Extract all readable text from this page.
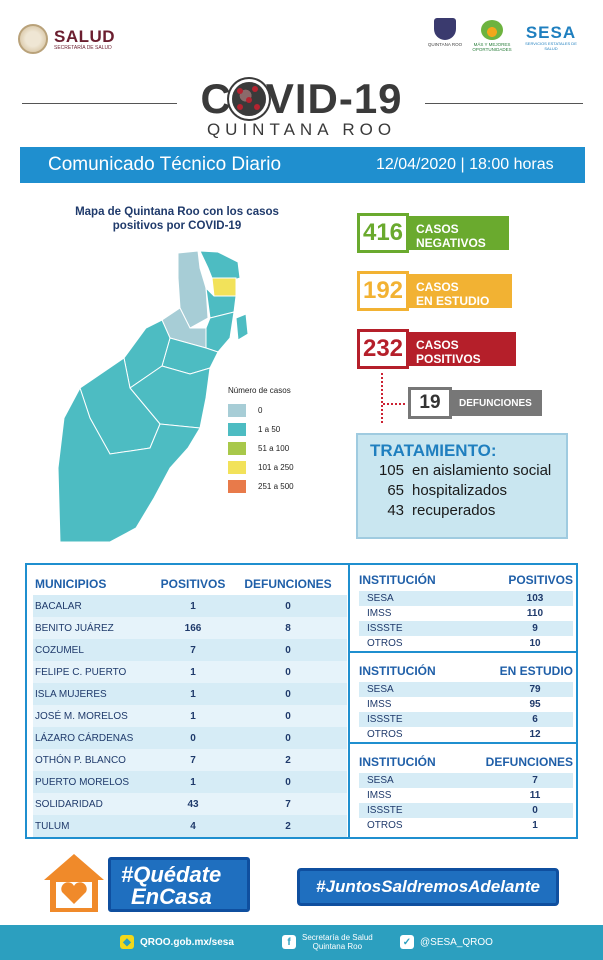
SALUD
SECRETARÍA DE SALUD	QUINTANA ROO	MÁS Y MEJORES OPORTUNIDADES
SESA
SERVICIOS ESTATALES DE SALUD
C VID-19
QUINTANA ROO
Comunicado Técnico Diario	12/04/2020 | 18:00 horas
Mapa de Quintana Roo con los casos positivos por COVID-19
Número de casos
0
1 a 50
51 a 100
101 a 250
251 a 500
416	CASOS
NEGATIVOS
192	CASOS
EN ESTUDIO
232	CASOS
POSITIVOS
19	DEFUNCIONES
TRATAMIENTO:
105 en aislamiento social
65 hospitalizados
43 recuperados
MUNICIPIOS	POSITIVOS	DEFUNCIONES
BACALAR	1	0
BENITO JUÁREZ	166	8
COZUMEL	7	0
FELIPE C. PUERTO	1	0
ISLA MUJERES	1	0
JOSÉ M. MORELOS	1	0
LÁZARO CÁRDENAS	0	0
OTHÓN P. BLANCO	7	2
PUERTO MORELOS	1	0
SOLIDARIDAD	43	7
TULUM	4	2
INSTITUCIÓN	POSITIVOS
SESA	103
IMSS	110
ISSSTE	9
OTROS	10
INSTITUCIÓN	EN ESTUDIO
SESA	79
IMSS	95
ISSSTE	6
OTROS	12
INSTITUCIÓN	DEFUNCIONES
SESA	7
IMSS	11
ISSSTE	0
OTROS	1
#Quédate
EnCasa	#JuntosSaldremosAdelante
◆ QROO.gob.mx/sesa	f	Secretaría de Salud
Quintana Roo	✓ @SESA_QROO
